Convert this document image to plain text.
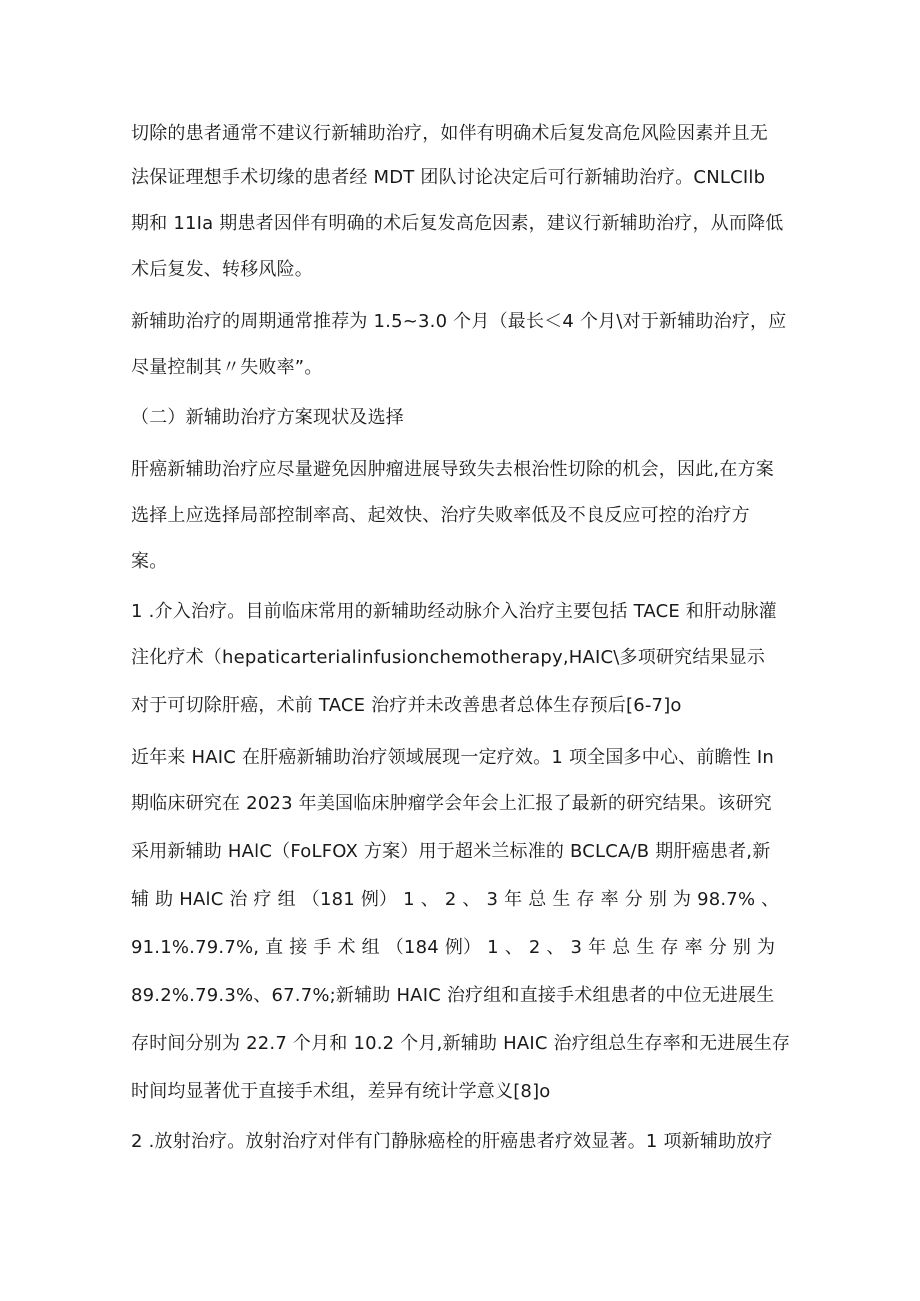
切除的患者通常不建议行新辅助治疗，如伴有明确术后复发高危风险因素并且无
法保证理想手术切缘的患者经 MDT 团队讨论决定后可行新辅助治疗。CNLCIlb
期和 11Ia 期患者因伴有明确的术后复发高危因素，建议行新辅助治疗，从而降低
术后复发、转移风险。
新辅助治疗的周期通常推荐为 1.5~3.0 个月（最长＜4 个月\对于新辅助治疗，应
尽量控制其〃失败率”。
（二）新辅助治疗方案现状及选择
肝癌新辅助治疗应尽量避免因肿瘤进展导致失去根治性切除的机会，因此,在方案
选择上应选择局部控制率高、起效快、治疗失败率低及不良反应可控的治疗方
案。
1 .介入治疗。目前临床常用的新辅助经动脉介入治疗主要包括 TACE 和肝动脉灌
注化疗术（hepaticarterialinfusionchemotherapy,HAIC\多项研究结果显示
对于可切除肝癌，术前 TACE 治疗并未改善患者总体生存预后[6-7]o
近年来 HAIC 在肝癌新辅助治疗领域展现一定疗效。1 项全国多中心、前瞻性 In
期临床研究在 2023 年美国临床肿瘤学会年会上汇报了最新的研究结果。该研究
采用新辅助 HAlC（FoLFOX 方案）用于超米兰标准的 BCLCA/B 期肝癌患者,新
辅 助 HAlC 治 疗 组 （181 例） 1 、 2 、 3 年 总 生 存 率 分 别 为 98.7% 、
91.1%.79.7%, 直 接 手 术 组 （184 例） 1 、 2 、 3 年 总 生 存 率 分 别 为
89.2%.79.3%、67.7%;新辅助 HAIC 治疗组和直接手术组患者的中位无进展生
存时间分别为 22.7 个月和 10.2 个月,新辅助 HAIC 治疗组总生存率和无进展生存
时间均显著优于直接手术组，差异有统计学意义[8]o
2 .放射治疗。放射治疗对伴有门静脉癌栓的肝癌患者疗效显著。1 项新辅助放疗
